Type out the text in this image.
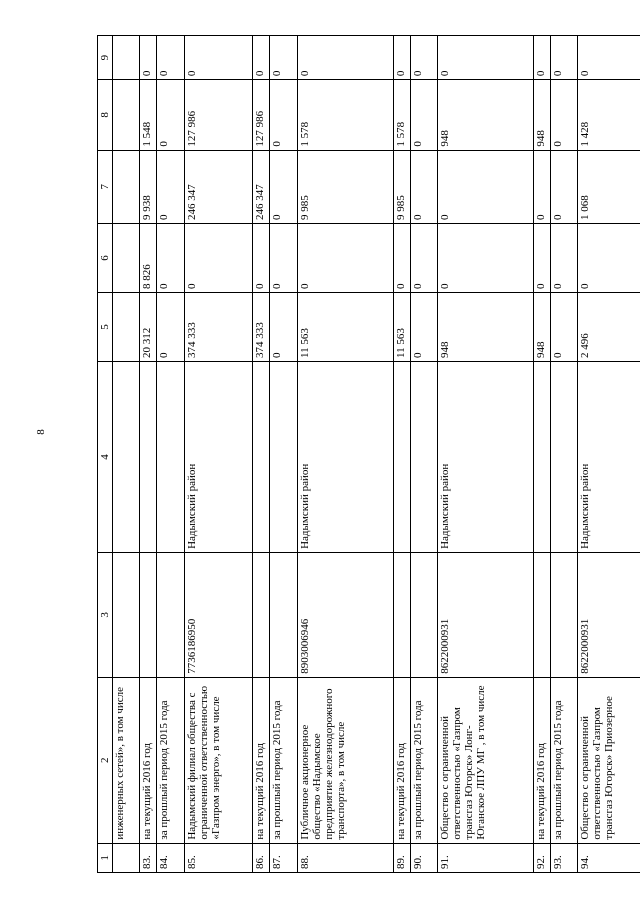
8
1	2	3	4	5	6	7	8	9
	инженерных сетей», в том числе							
83.	на текущий 2016 год			20 312	8 826	9 938	1 548	0
84.	за прошлый период 2015 года			0	0	0	0	0
85.	Надымский филиал общества с ограниченной ответственностью «Газпром энерго», в том числе	7736186950	Надымский район	374 333	0	246 347	127 986	0
86.	на текущий 2016 год			374 333	0	246 347	127 986	0
87.	за прошлый период 2015 года			0	0	0	0	0
88.	Публичное акционерное общество «Надымское предприятие железнодорожного транспорта», в том числе	8903006946	Надымский район	11 563	0	9 985	1 578	0
89.	на текущий 2016 год			11 563	0	9 985	1 578	0
90.	за прошлый период 2015 года			0	0	0	0	0
91.	Общество с ограниченной ответственностью «Газпром трансгаз Югорск» Лонг-Юганское ЛПУ МГ , в том числе	8622000931	Надымский район	948	0	0	948	0
92.	на текущий 2016 год			948	0	0	948	0
93.	за прошлый период 2015 года			0	0	0	0	0
94.	Общество с ограниченной ответственностью «Газпром трансгаз Югорск» Приозерное	8622000931	Надымский район	2 496	0	1 068	1 428	0
